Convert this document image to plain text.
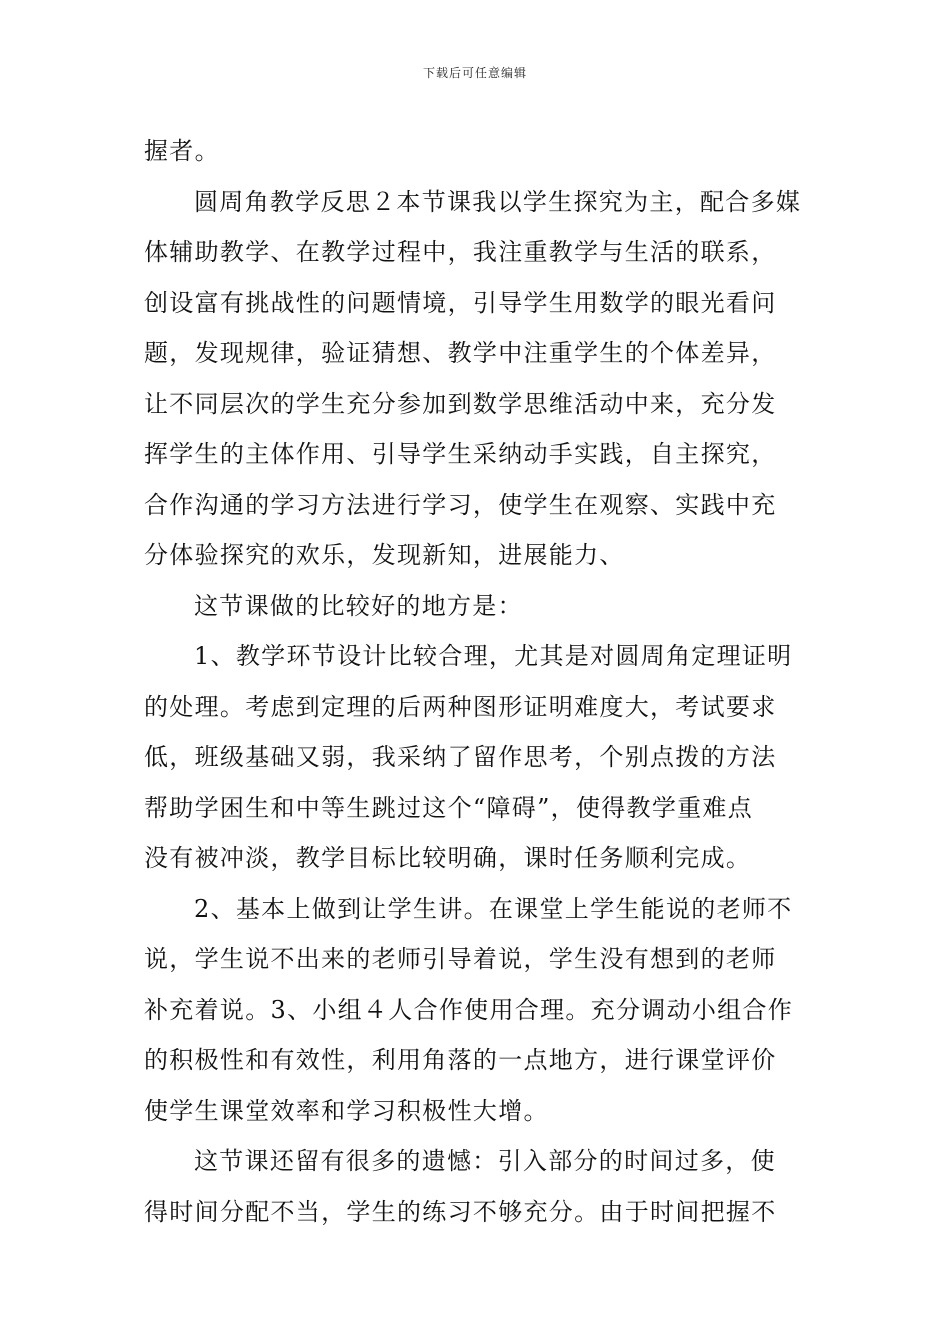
下载后可任意编辑
握者。
圆周角教学反思２本节课我以学生探究为主，配合多媒
体辅助教学、在教学过程中，我注重教学与生活的联系，
创设富有挑战性的问题情境，引导学生用数学的眼光看问
题，发现规律，验证猜想、教学中注重学生的个体差异，
让不同层次的学生充分参加到数学思维活动中来，充分发
挥学生的主体作用、引导学生采纳动手实践，自主探究，
合作沟通的学习方法进行学习，使学生在观察、实践中充
分体验探究的欢乐，发现新知，进展能力、
这节课做的比较好的地方是：
1、教学环节设计比较合理，尤其是对圆周角定理证明
的处理。考虑到定理的后两种图形证明难度大，考试要求
低，班级基础又弱，我采纳了留作思考，个别点拨的方法
帮助学困生和中等生跳过这个“障碍”，使得教学重难点
没有被冲淡，教学目标比较明确，课时任务顺利完成。
2、基本上做到让学生讲。在课堂上学生能说的老师不
说，学生说不出来的老师引导着说，学生没有想到的老师
补充着说。3、小组４人合作使用合理。充分调动小组合作
的积极性和有效性，利用角落的一点地方，进行课堂评价
使学生课堂效率和学习积极性大增。
这节课还留有很多的遗憾：引入部分的时间过多，使
得时间分配不当，学生的练习不够充分。由于时间把握不
